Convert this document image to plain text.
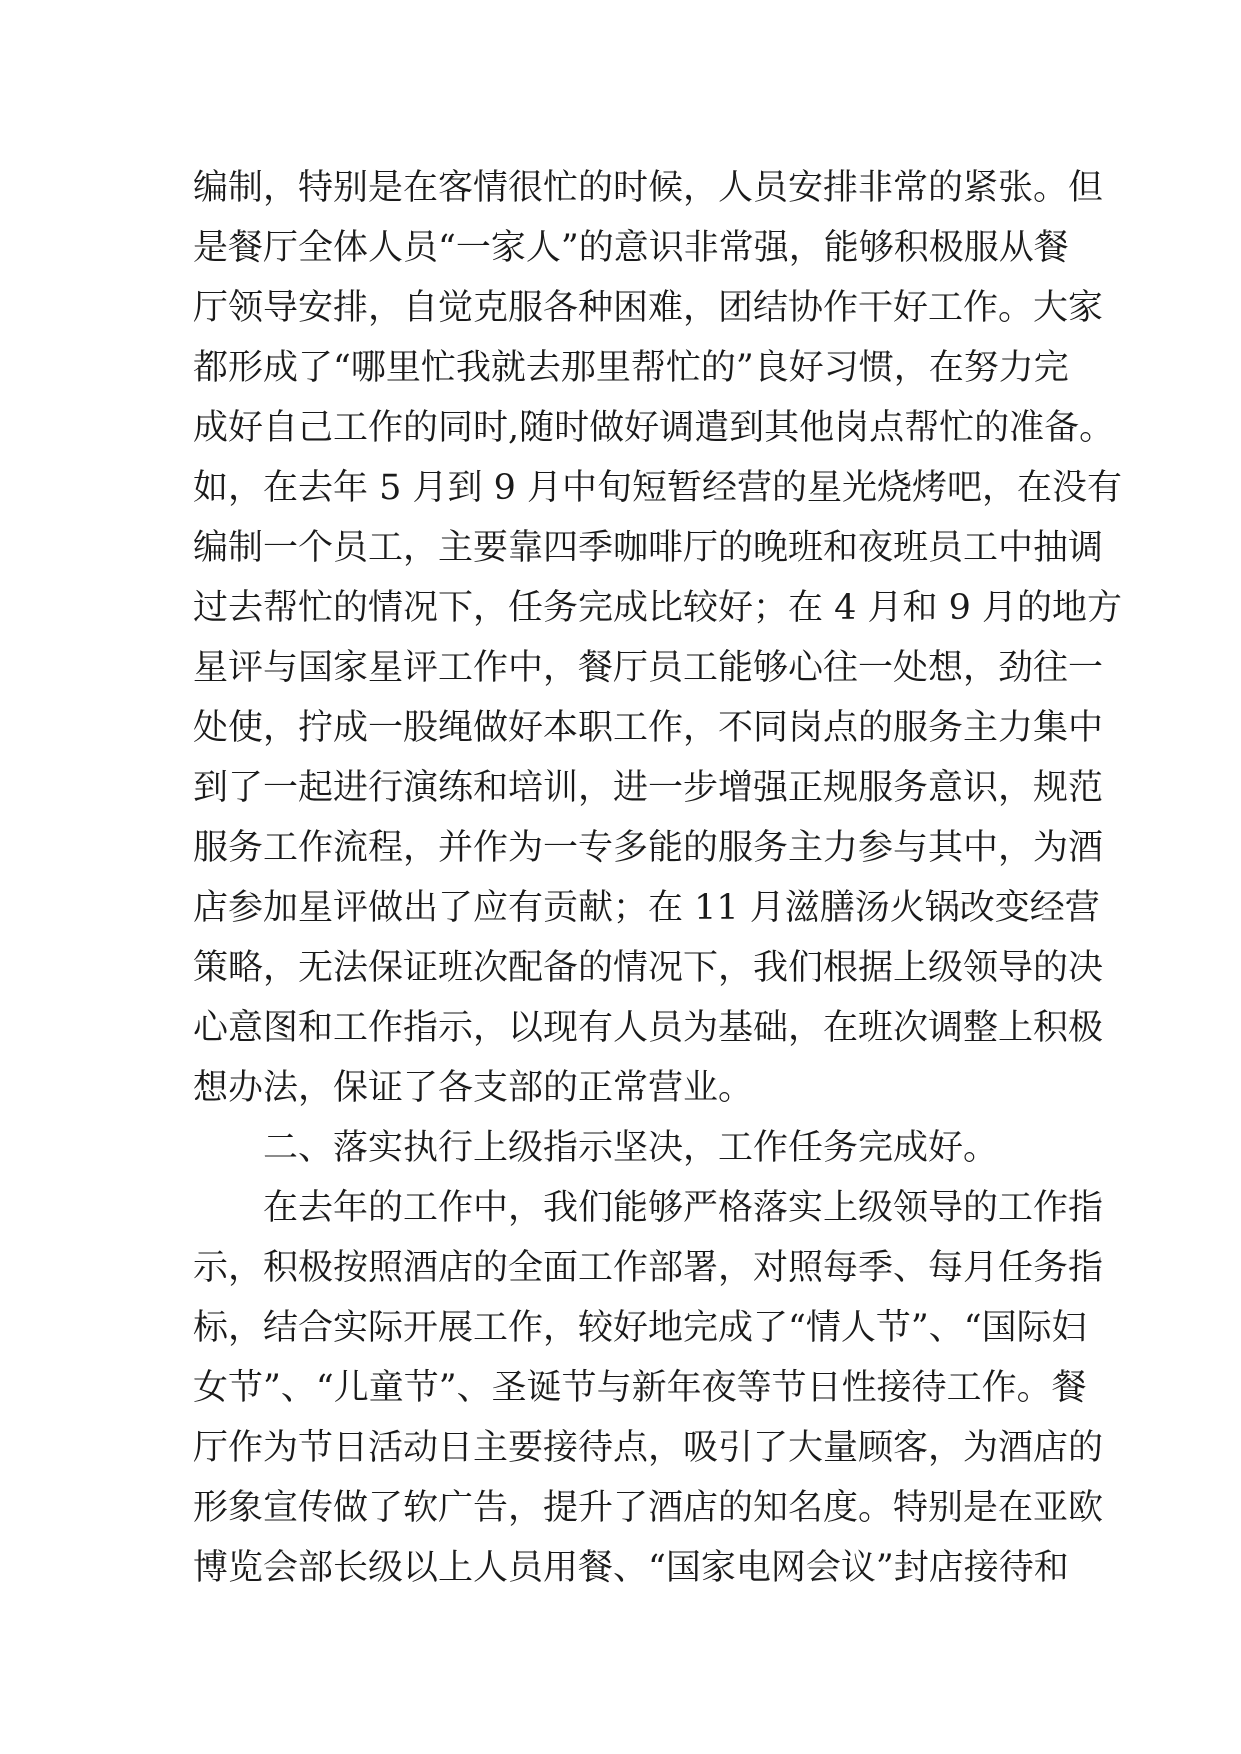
编制，特别是在客情很忙的时候，人员安排非常的紧张。但
是餐厅全体人员“一家人”的意识非常强，能够积极服从餐
厅领导安排，自觉克服各种困难，团结协作干好工作。大家
都形成了“哪里忙我就去那里帮忙的”良好习惯，在努力完
成好自己工作的同时,随时做好调遣到其他岗点帮忙的准备。
如，在去年 5 月到 9 月中旬短暂经营的星光烧烤吧，在没有
编制一个员工，主要靠四季咖啡厅的晚班和夜班员工中抽调
过去帮忙的情况下，任务完成比较好；在 4 月和 9 月的地方
星评与国家星评工作中，餐厅员工能够心往一处想，劲往一
处使，拧成一股绳做好本职工作，不同岗点的服务主力集中
到了一起进行演练和培训，进一步增强正规服务意识，规范
服务工作流程，并作为一专多能的服务主力参与其中，为酒
店参加星评做出了应有贡献；在 11 月滋膳汤火锅改变经营
策略，无法保证班次配备的情况下，我们根据上级领导的决
心意图和工作指示，以现有人员为基础，在班次调整上积极
想办法，保证了各支部的正常营业。
二、落实执行上级指示坚决，工作任务完成好。
在去年的工作中，我们能够严格落实上级领导的工作指
示，积极按照酒店的全面工作部署，对照每季、每月任务指
标，结合实际开展工作，较好地完成了“情人节”、“国际妇
女节”、“儿童节”、圣诞节与新年夜等节日性接待工作。餐
厅作为节日活动日主要接待点，吸引了大量顾客，为酒店的
形象宣传做了软广告，提升了酒店的知名度。特别是在亚欧
博览会部长级以上人员用餐、“国家电网会议”封店接待和
